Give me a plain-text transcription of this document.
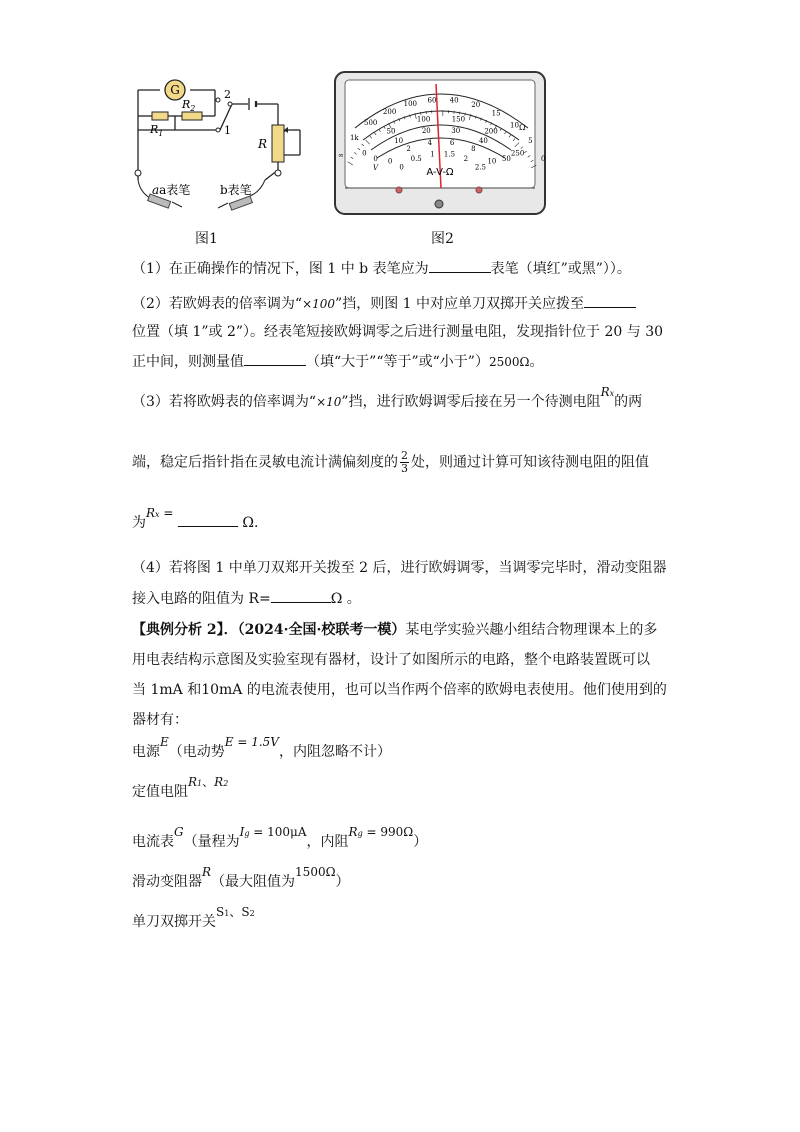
G
$R_2$
$R_1$
2
1
R
aa表笔 b表笔
图1
∞
1k
500
200
100 60 40
20
15
10
5
0
0
50
100	150
200
250
0
10
20	30
40
50
0
2
4	6
8
10
0
0.5
1 1.5
2
2.5
Ω
V	A-V-Ω
图2
（1）在正确操作的情况下，图 1 中 b 表笔应为	表笔（填红”或黑”））。
（2）若欧姆表的倍率调为“×100”挡，则图 1 中对应单刀双掷开关应拨至
位置（填 1”或 2”）。经表笔短接欧姆调零之后进行测量电阻，发现指针位于 20 与 30
正中间，则测量值	（填“大于”“等于”或“小于”）2500Ω。
（3）若将欧姆表的倍率调为“×10”挡，进行欧姆调零后接在另一个待测电阻Rx的两
端，稳定后指针指在灵敏电流计满偏刻度的 $\frac{2}{3}$ 处，则通过计算可知该待测电阻的阻值
为Rx =  Ω.
（4）若将图 1 中单刀双郑开关拨至 2 后，进行欧姆调零，当调零完毕时，滑动变阻器
接入电路的阻值为 R=	Ω 。
【典例分析 2】．（2024·全国·校联考一模）某电学实验兴趣小组结合物理课本上的多
用电表结构示意图及实验室现有器材，设计了如图所示的电路，整个电路装置既可以
当 1mA 和10mA 的电流表使用，也可以当作两个倍率的欧姆电表使用。他们使用到的
器材有：
电源E（电动势E = 1.5V，内阻忽略不计）
定值电阻R1、R2
电流表G（量程为Ig = 100μA，内阻Rg = 990Ω）
滑动变阻器R（最大阻值为1500Ω）
单刀双掷开关S1、S2
